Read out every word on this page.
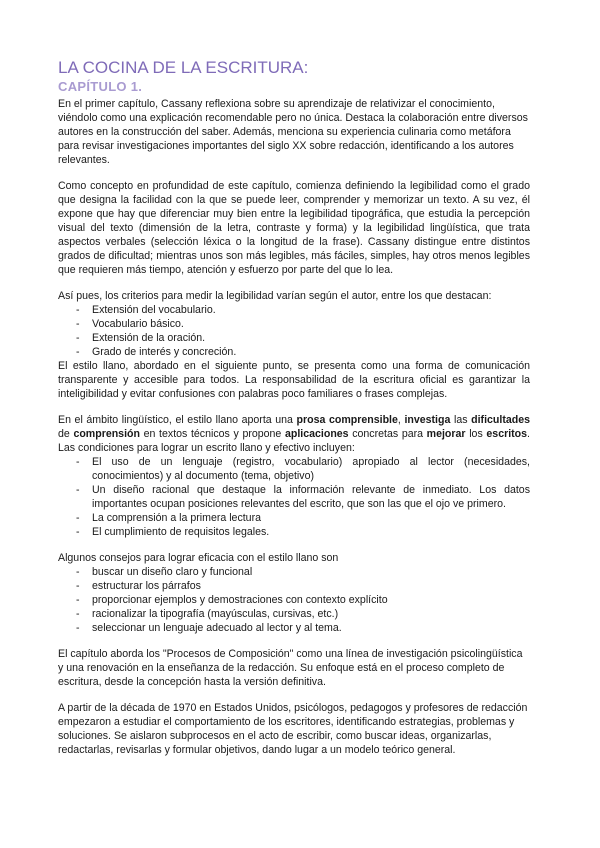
LA COCINA DE LA ESCRITURA:
CAPÍTULO 1.

En el primer capítulo, Cassany reflexiona sobre su aprendizaje de relativizar el conocimiento, viéndolo como una explicación recomendable pero no única. Destaca la colaboración entre diversos autores en la construcción del saber. Además, menciona su experiencia culinaria como metáfora para revisar investigaciones importantes del siglo XX sobre redacción, identificando a los autores relevantes.

Como concepto en profundidad de este capítulo, comienza definiendo la legibilidad como el grado que designa la facilidad con la que se puede leer, comprender y memorizar un texto. A su vez, él expone que hay que diferenciar muy bien entre la legibilidad tipográfica, que estudia la percepción visual del texto (dimensión de la letra, contraste y forma) y la legibilidad lingüística, que trata aspectos verbales (selección léxica o la longitud de la frase). Cassany distingue entre distintos grados de dificultad; mientras unos son más legibles, más fáciles, simples, hay otros menos legibles que requieren más tiempo, atención y esfuerzo por parte del que lo lea.

Así pues, los criterios para medir la legibilidad varían según el autor, entre los que destacan:

- Extensión del vocabulario.
- Vocabulario básico.
- Extensión de la oración.
- Grado de interés y concreción.

El estilo llano, abordado en el siguiente punto, se presenta como una forma de comunicación transparente y accesible para todos. La responsabilidad de la escritura oficial es garantizar la inteligibilidad y evitar confusiones con palabras poco familiares o frases complejas.

En el ámbito lingüístico, el estilo llano aporta una prosa comprensible, investiga las dificultades de comprensión en textos técnicos y propone aplicaciones concretas para mejorar los escritos. Las condiciones para lograr un escrito llano y efectivo incluyen:

- El uso de un lenguaje (registro, vocabulario) apropiado al lector (necesidades, conocimientos) y al documento (tema, objetivo)
- Un diseño racional que destaque la información relevante de inmediato. Los datos importantes ocupan posiciones relevantes del escrito, que son las que el ojo ve primero.
- La comprensión a la primera lectura
- El cumplimiento de requisitos legales.

Algunos consejos para lograr eficacia con el estilo llano son

- buscar un diseño claro y funcional
- estructurar los párrafos
- proporcionar ejemplos y demostraciones con contexto explícito
- racionalizar la tipografía (mayúsculas, cursivas, etc.)
- seleccionar un lenguaje adecuado al lector y al tema.

El capítulo aborda los "Procesos de Composición" como una línea de investigación psicolingüística y una renovación en la enseñanza de la redacción. Su enfoque está en el proceso completo de escritura, desde la concepción hasta la versión definitiva.

A partir de la década de 1970 en Estados Unidos, psicólogos, pedagogos y profesores de redacción empezaron a estudiar el comportamiento de los escritores, identificando estrategias, problemas y soluciones. Se aislaron subprocesos en el acto de escribir, como buscar ideas, organizarlas, redactarlas, revisarlas y formular objetivos, dando lugar a un modelo teórico general.
